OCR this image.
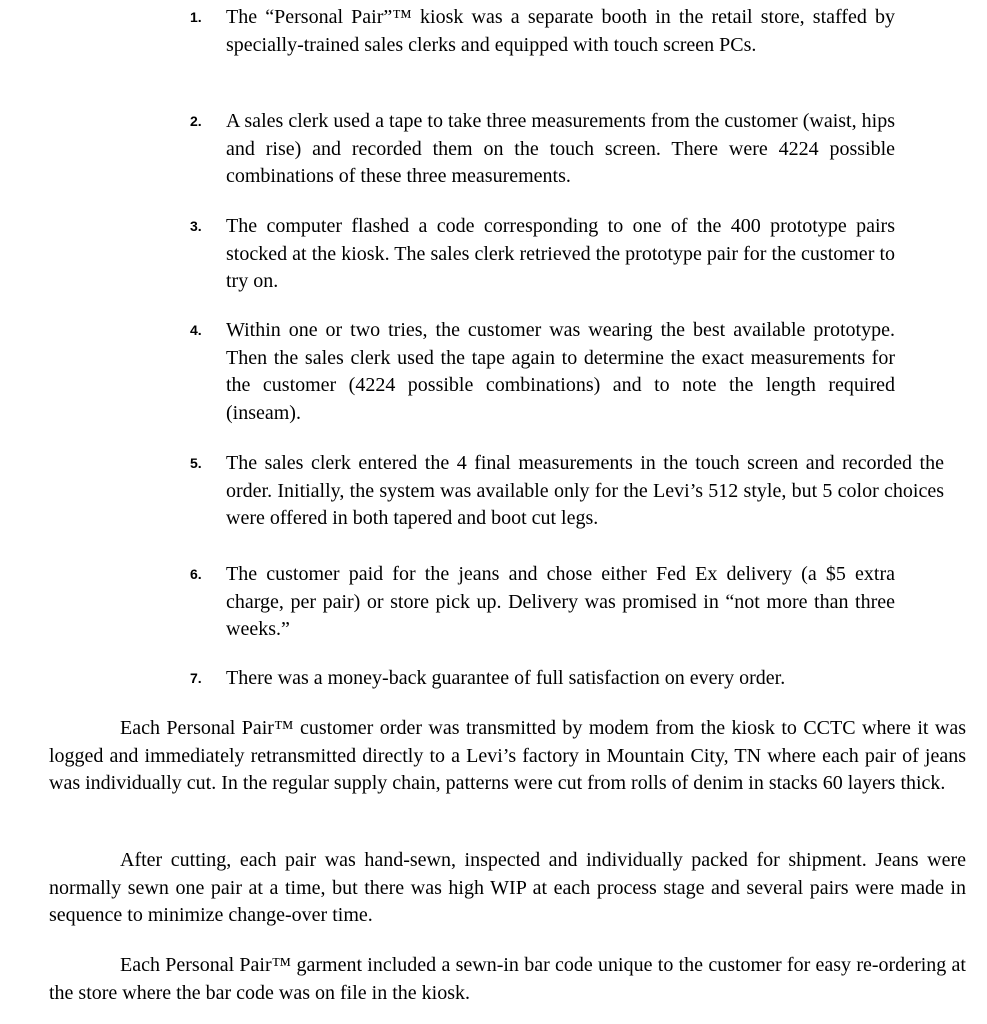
1. The “Personal Pair”™ kiosk was a separate booth in the retail store, staffed by specially-trained sales clerks and equipped with touch screen PCs.

2. A sales clerk used a tape to take three measurements from the customer (waist, hips and rise) and recorded them on the touch screen. There were 4224 possible combinations of these three measurements.

3. The computer flashed a code corresponding to one of the 400 prototype pairs stocked at the kiosk. The sales clerk retrieved the prototype pair for the customer to try on.

4. Within one or two tries, the customer was wearing the best available prototype. Then the sales clerk used the tape again to determine the exact measurements for the customer (4224 possible combinations) and to note the length required (inseam).

5. The sales clerk entered the 4 final measurements in the touch screen and recorded the order. Initially, the system was available only for the Levi’s 512 style, but 5 color choices were offered in both tapered and boot cut legs.

6. The customer paid for the jeans and chose either Fed Ex delivery (a $5 extra charge, per pair) or store pick up. Delivery was promised in “not more than three weeks.”

7. There was a money-back guarantee of full satisfaction on every order.

Each Personal Pair™ customer order was transmitted by modem from the kiosk to CCTC where it was logged and immediately retransmitted directly to a Levi’s factory in Mountain City, TN where each pair of jeans was individually cut. In the regular supply chain, patterns were cut from rolls of denim in stacks 60 layers thick.

After cutting, each pair was hand-sewn, inspected and individually packed for shipment. Jeans were normally sewn one pair at a time, but there was high WIP at each process stage and several pairs were made in sequence to minimize change-over time.

Each Personal Pair™ garment included a sewn-in bar code unique to the customer for easy re-ordering at the store where the bar code was on file in the kiosk.
